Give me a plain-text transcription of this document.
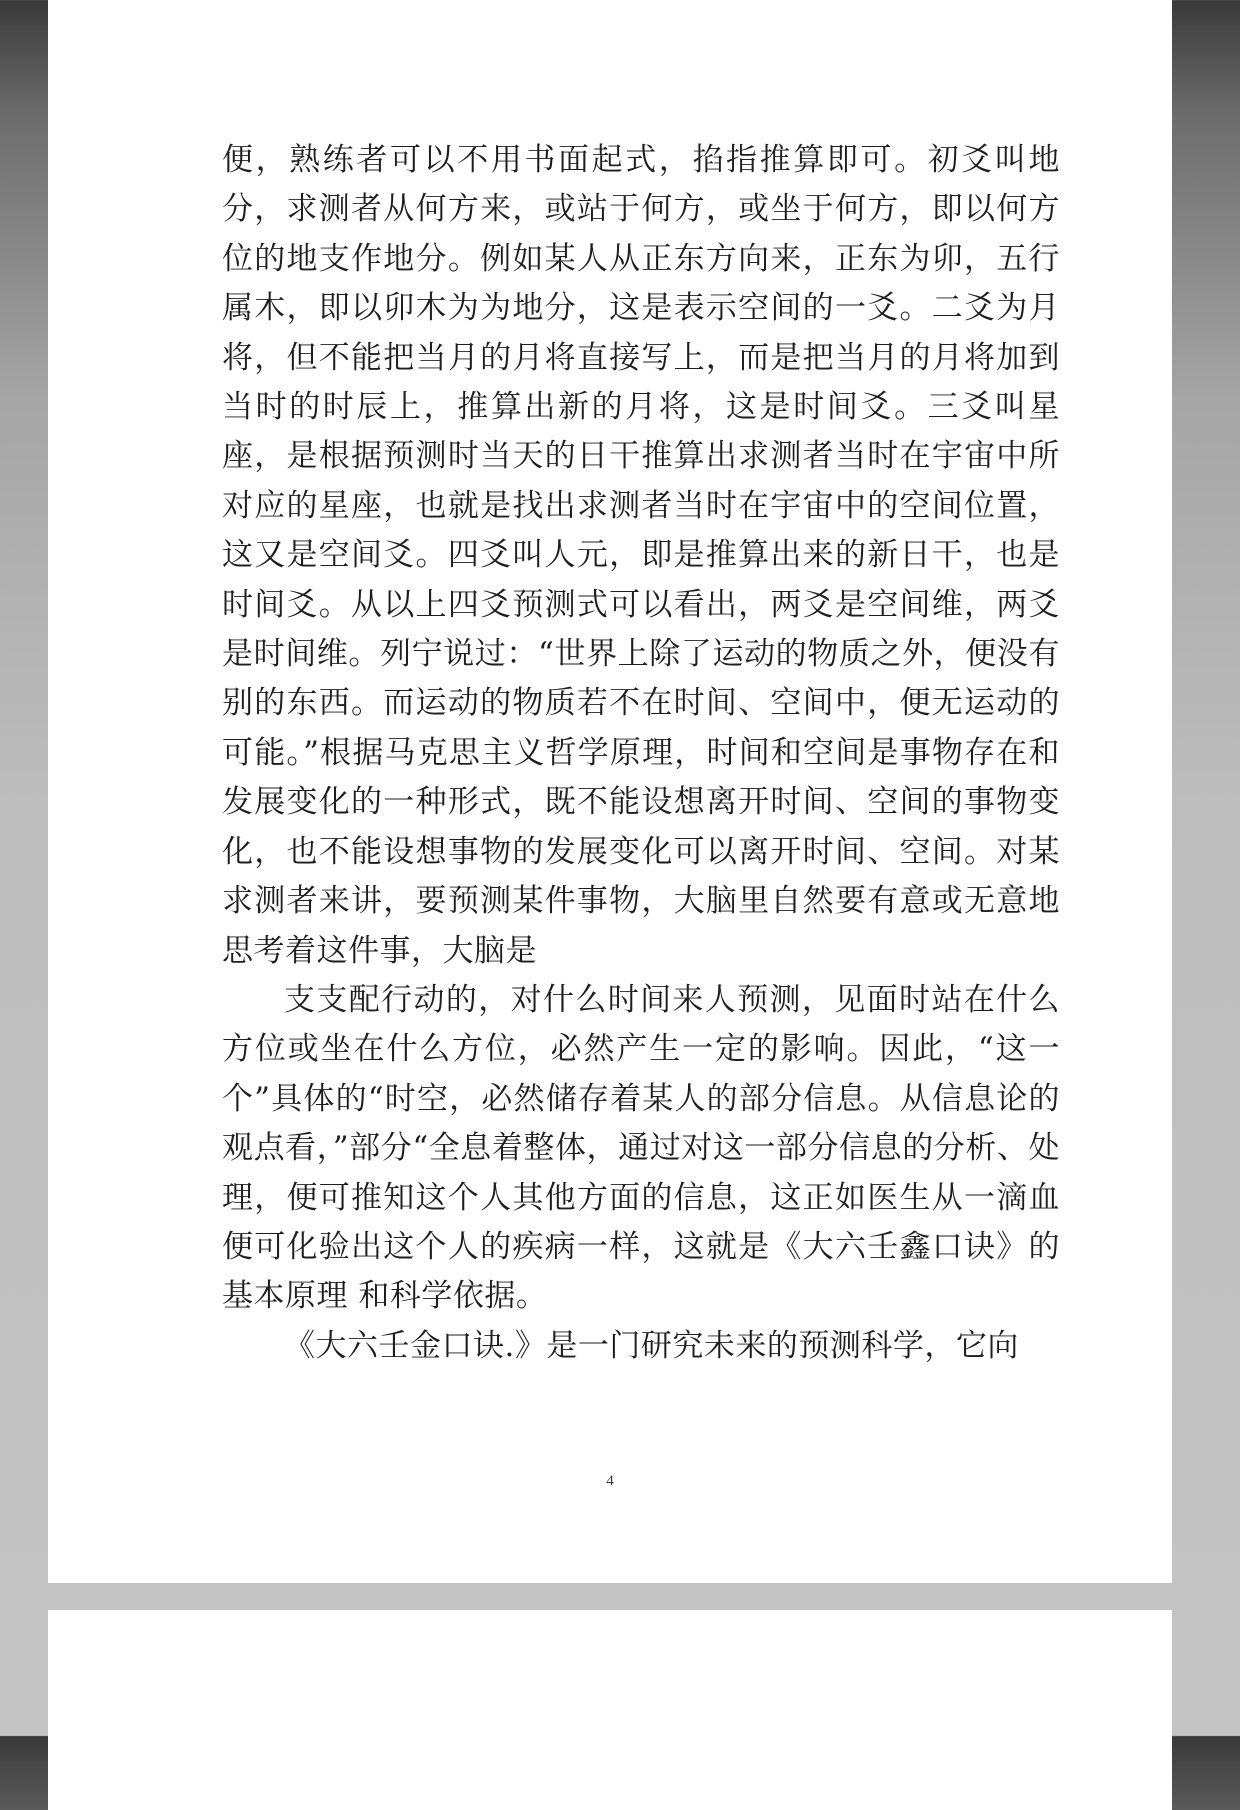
便，熟练者可以不用书面起式，掐指推算即可。初爻叫地分，求测者从何方来，或站于何方，或坐于何方，即以何方位的地支作地分。例如某人从正东方向来，正东为卯，五行属木，即以卯木为为地分，这是表示空间的一爻。二爻为月将，但不能把当月的月将直接写上，而是把当月的月将加到当时的时辰上，推算出新的月将，这是时间爻。三爻叫星座，是根据预测时当天的日干推算出求测者当时在宇宙中所对应的星座，也就是找出求测者当时在宇宙中的空间位置，这又是空间爻。四爻叫人元，即是推算出来的新日干，也是时间爻。从以上四爻预测式可以看出，两爻是空间维，两爻是时间维。列宁说过：“世界上除了运动的物质之外，便没有别的东西。而运动的物质若不在时间、空间中，便无运动的可能。”根据马克思主义哲学原理，时间和空间是事物存在和发展变化的一种形式，既不能设想离开时间、空间的事物变化，也不能设想事物的发展变化可以离开时间、空间。对某求测者来讲，要预测某件事物，大脑里自然要有意或无意地思考着这件事，大脑是

支支配行动的，对什么时间来人预测，见面时站在什么方位或坐在什么方位，必然产生一定的影响。因此，“这一个”具体的“时空，必然储存着某人的部分信息。从信息论的观点看，”部分“全息着整体，通过对这一部分信息的分析、处理，便可推知这个人其他方面的信息，这正如医生从一滴血便可化验出这个人的疾病一样，这就是《大六壬鑫口诀》的基本原理 和科学依据。

《大六壬金口诀.》是一门研究未来的预测科学，它向

4
